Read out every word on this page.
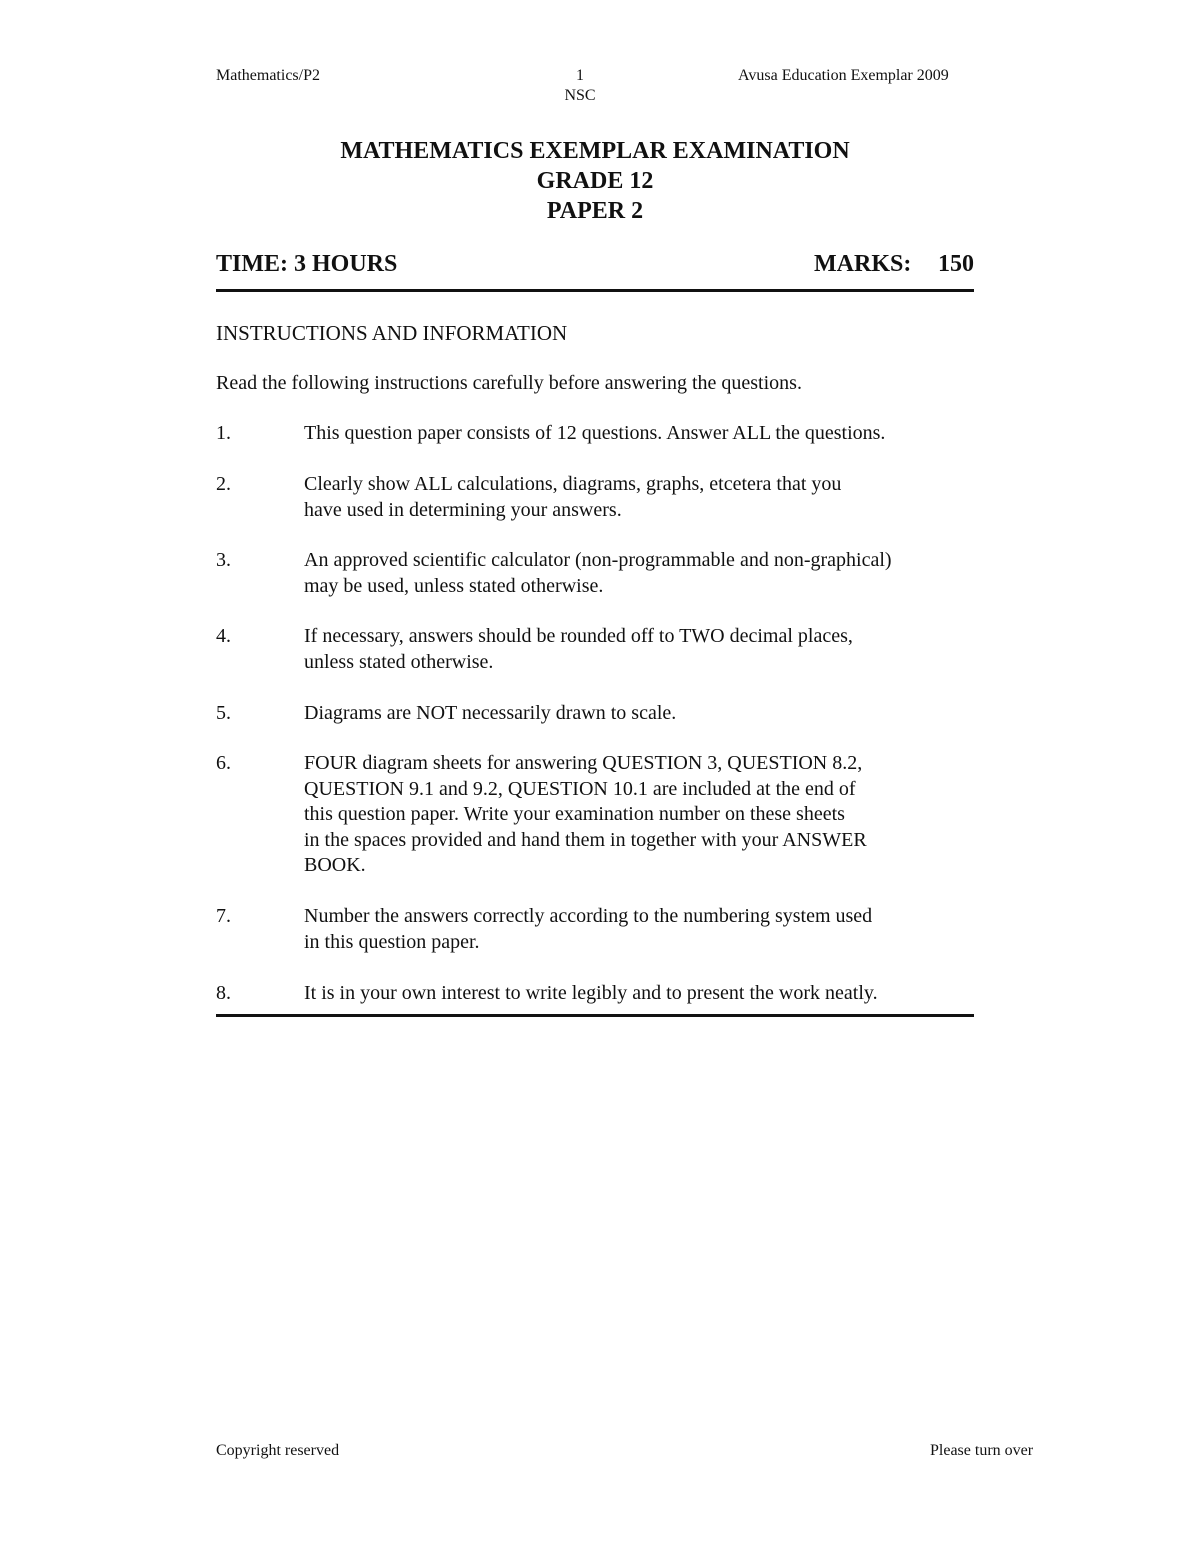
Mathematics/P2	1
NSC
Avusa Education Exemplar 2009
MATHEMATICS EXEMPLAR EXAMINATION
GRADE 12
PAPER 2
TIME: 3 HOURS	MARKS: 150
INSTRUCTIONS AND INFORMATION
Read the following instructions carefully before answering the questions.
1.	This question paper consists of 12 questions. Answer ALL the questions.
2.	Clearly show ALL calculations, diagrams, graphs, etcetera that you
have used in determining your answers.
3.	An approved scientific calculator (non-programmable and non-graphical)
may be used, unless stated otherwise.
4.	If necessary, answers should be rounded off to TWO decimal places,
unless stated otherwise.
5.	Diagrams are NOT necessarily drawn to scale.
6.	FOUR diagram sheets for answering QUESTION 3, QUESTION 8.2,
QUESTION 9.1 and 9.2, QUESTION 10.1 are included at the end of
this question paper. Write your examination number on these sheets
in the spaces provided and hand them in together with your ANSWER
BOOK.
7.	Number the answers correctly according to the numbering system used
in this question paper.
8.	It is in your own interest to write legibly and to present the work neatly.
Copyright reserved	Please turn over
